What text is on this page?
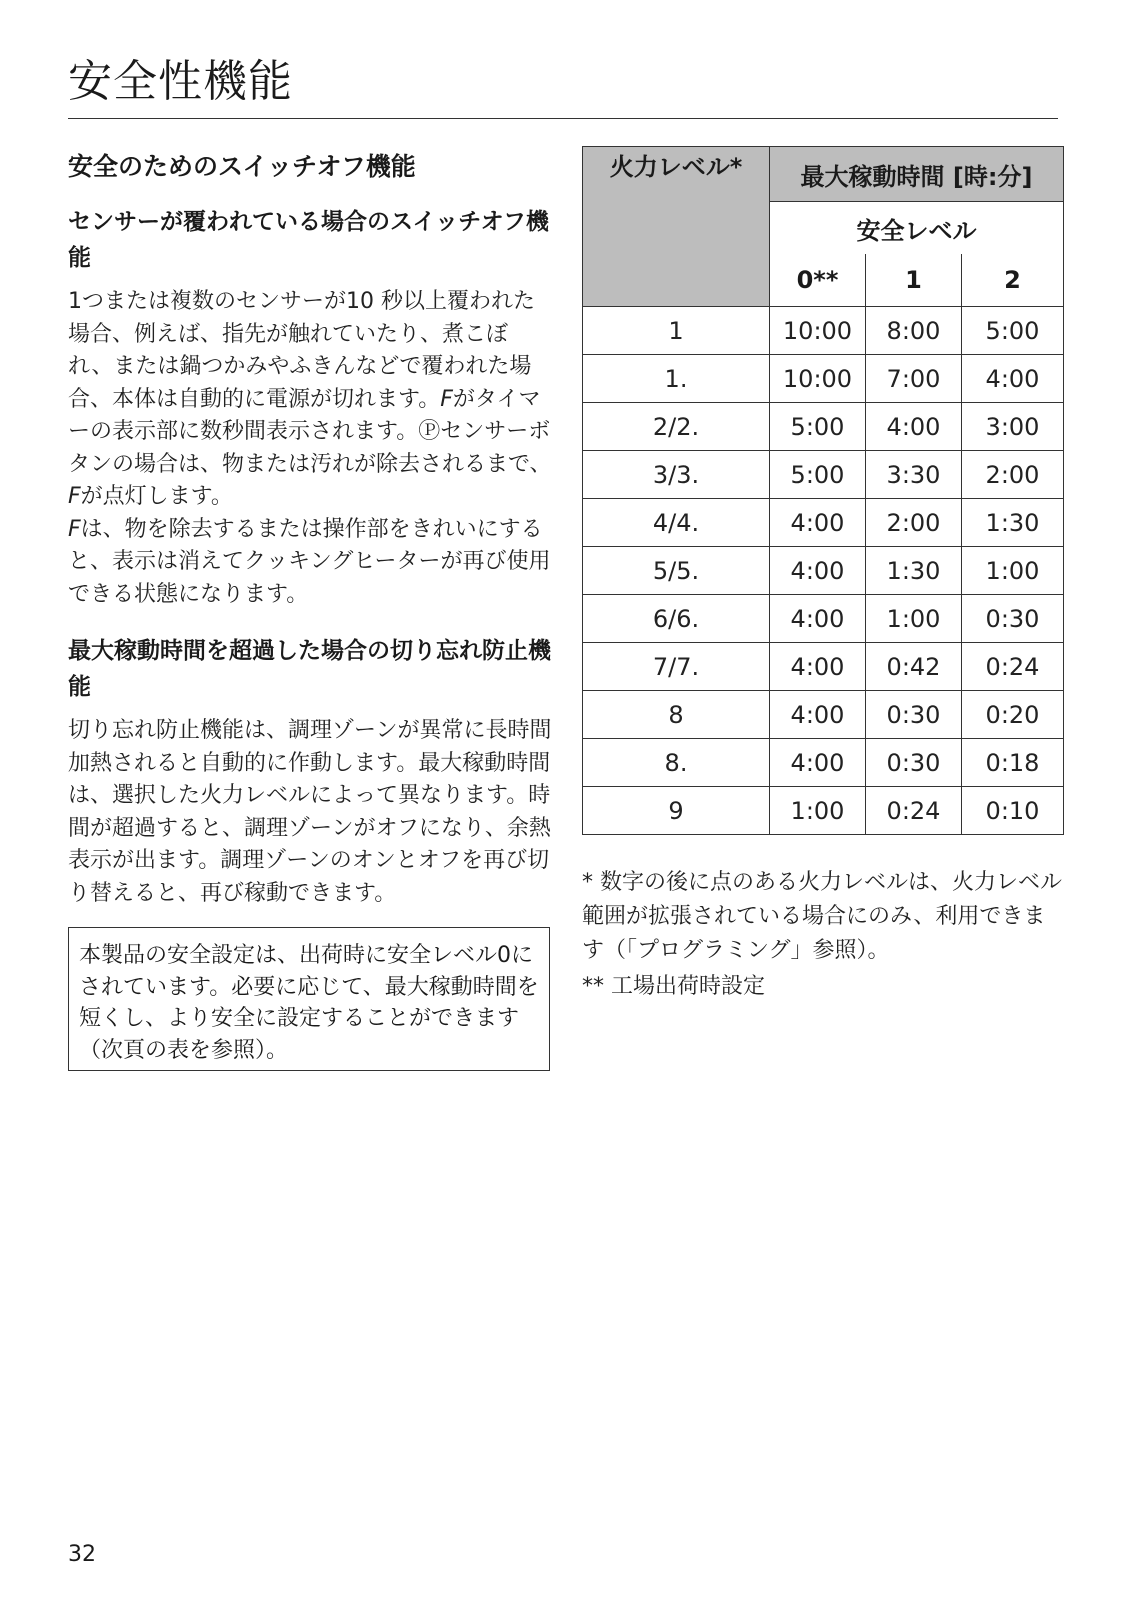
安全性機能

安全のためのスイッチオフ機能

センサーが覆われている場合のスイッチオフ機能

1つまたは複数のセンサーが10 秒以上覆われた場合、例えば、指先が触れていたり、煮こぼれ、または鍋つかみやふきんなどで覆われた場合、本体は自動的に電源が切れます。Fがタイマーの表示部に数秒間表示されます。Ⓟセンサーボタンの場合は、物または汚れが除去されるまで、Fが点灯します。

Fは、物を除去するまたは操作部をきれいにすると、表示は消えてクッキングヒーターが再び使用できる状態になります。

最大稼動時間を超過した場合の切り忘れ防止機能

切り忘れ防止機能は、調理ゾーンが異常に長時間加熱されると自動的に作動します。最大稼動時間は、選択した火力レベルによって異なります。時間が超過すると、調理ゾーンがオフになり、余熱表示が出ます。調理ゾーンのオンとオフを再び切り替えると、再び稼動できます。

本製品の安全設定は、出荷時に安全レベル0にされています。必要に応じて、最大稼動時間を短くし、より安全に設定することができます（次頁の表を参照）。
火力レベル*	最大稼動時間 [時:分]		
	安全レベル		
	0**	1	2
1	10:00	8:00	5:00
1.	10:00	7:00	4:00
2/2.	5:00	4:00	3:00
3/3.	5:00	3:30	2:00
4/4.	4:00	2:00	1:30
5/5.	4:00	1:30	1:00
6/6.	4:00	1:00	0:30
7/7.	4:00	0:42	0:24
8	4:00	0:30	0:20
8.	4:00	0:30	0:18
9	1:00	0:24	0:10

* 数字の後に点のある火力レベルは、火力レベル範囲が拡張されている場合にのみ、利用できます（「プログラミング」参照）。

** 工場出荷時設定

32
